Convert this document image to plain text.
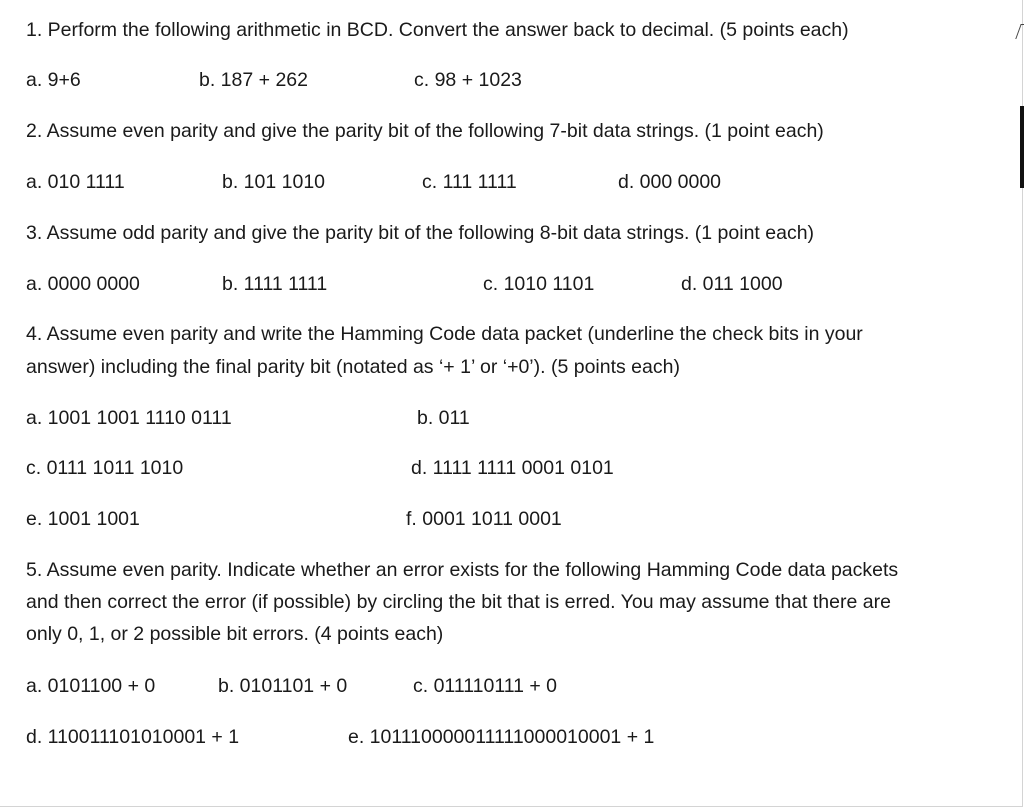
1. Perform the following arithmetic in BCD. Convert the answer back to decimal. (5 points each)
a. 9+6	b. 187 + 262	c. 98 + 1023
2. Assume even parity and give the parity bit of the following 7-bit data strings. (1 point each)
a. 010 1111	b. 101 1010	c. 111 1111	d. 000 0000
3. Assume odd parity and give the parity bit of the following 8-bit data strings. (1 point each)
a. 0000 0000	b. 1111 1111	c. 1010 1101	d. 011 1000
4. Assume even parity and write the Hamming Code data packet (underline the check bits in your
answer) including the final parity bit (notated as ‘+ 1’ or ‘+0’). (5 points each)
a. 1001 1001 1110 0111	b. 011
c. 0111 1011 1010	d. 1111 1111 0001 0101
e. 1001 1001	f. 0001 1011 0001
5. Assume even parity. Indicate whether an error exists for the following Hamming Code data packets
and then correct the error (if possible) by circling the bit that is erred. You may assume that there are
only 0, 1, or 2 possible bit errors. (4 points each)
a. 0101100 + 0	b. 0101101 + 0	c. 011110111 + 0
d. 110011101010001 + 1	e. 101110000011111000010001 + 1
